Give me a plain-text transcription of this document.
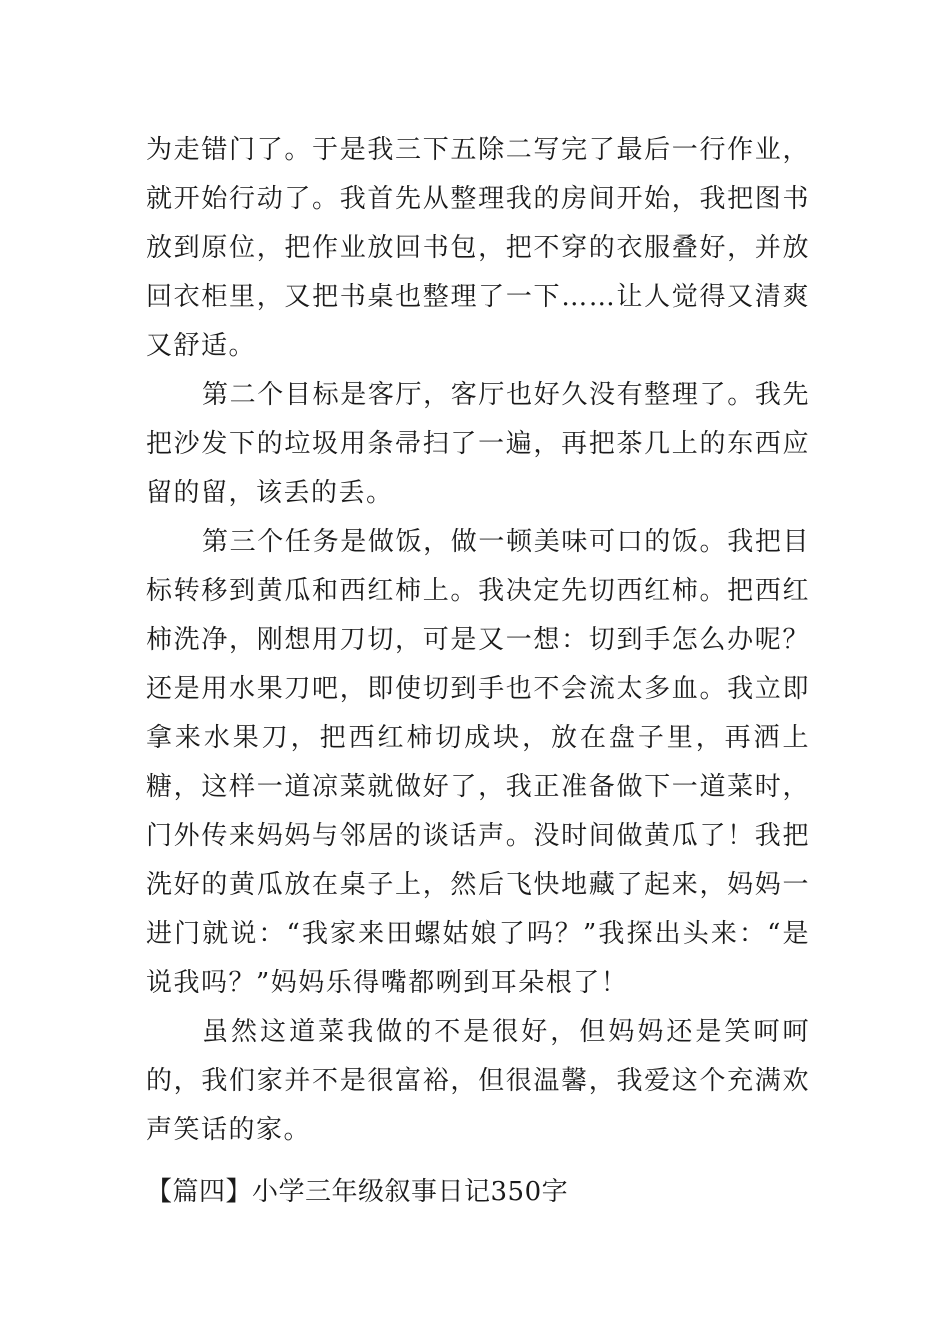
为走错门了。于是我三下五除二写完了最后一行作业，就开始行动了。我首先从整理我的房间开始，我把图书放到原位，把作业放回书包，把不穿的衣服叠好，并放回衣柜里，又把书桌也整理了一下……让人觉得又清爽又舒适。

第二个目标是客厅，客厅也好久没有整理了。我先把沙发下的垃圾用条帚扫了一遍，再把茶几上的东西应留的留，该丢的丢。

第三个任务是做饭，做一顿美味可口的饭。我把目标转移到黄瓜和西红柿上。我决定先切西红柿。把西红柿洗净，刚想用刀切，可是又一想：切到手怎么办呢？还是用水果刀吧，即使切到手也不会流太多血。我立即拿来水果刀，把西红柿切成块，放在盘子里，再洒上糖，这样一道凉菜就做好了，我正准备做下一道菜时，门外传来妈妈与邻居的谈话声。没时间做黄瓜了！我把洗好的黄瓜放在桌子上，然后飞快地藏了起来，妈妈一进门就说：“我家来田螺姑娘了吗？”我探出头来：“是说我吗？”妈妈乐得嘴都咧到耳朵根了！

虽然这道菜我做的不是很好，但妈妈还是笑呵呵的，我们家并不是很富裕，但很温馨，我爱这个充满欢声笑话的家。

【篇四】小学三年级叙事日记350字
